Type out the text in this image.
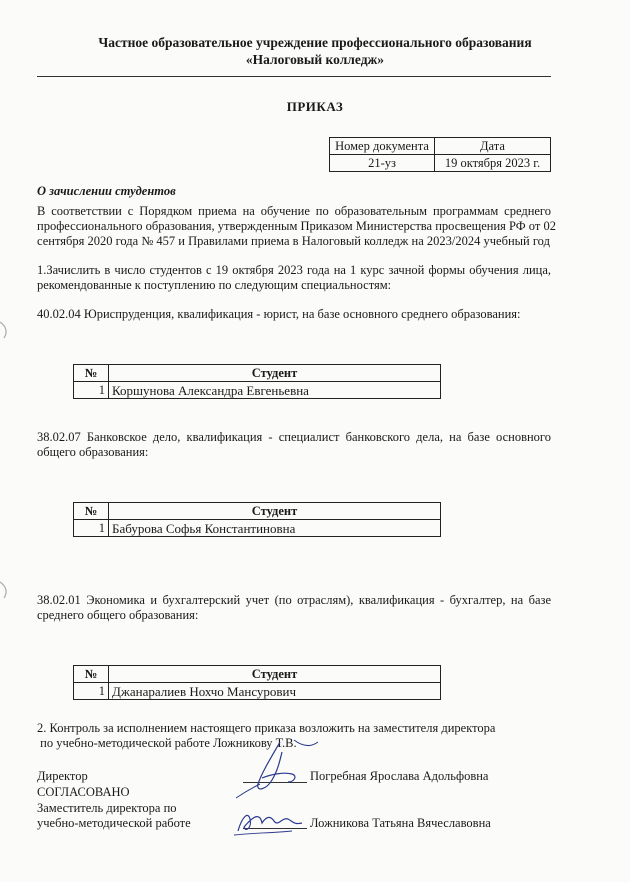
Частное образовательное учреждение профессионального образования
«Налоговый колледж»
ПРИКАЗ
Номер документа	Дата
21-уз	19 октября 2023 г.
О зачислении студентов
В соответствии с Порядком приема на обучение по образовательным программам среднего
профессионального образования, утвержденным Приказом Министерства просвещения РФ от 02
сентября 2020 года № 457 и Правилами приема в Налоговый колледж на 2023/2024 учебный год
1.Зачислить в число студентов с 19 октября 2023 года на 1 курс зачной формы обучения лица,
рекомендованные к поступлению по следующим специальностям:
40.02.04 Юриспруденция, квалификация - юрист, на базе основного среднего образования:
№	Студент
1	Коршунова Александра Евгеньевна
38.02.07 Банковское дело, квалификация - специалист банковского дела, на базе основного
общего образования:
№	Студент
1	Бабурова Софья Константиновна
38.02.01 Экономика и бухгалтерский учет (по отраслям), квалификация - бухгалтер, на базе
среднего общего образования:
№	Студент
1	Джанаралиев Нохчо Мансурович
2. Контроль за исполнением настоящего приказа возложить на заместителя директора
по учебно-методической работе Ложникову Т.В.
Директор
СОГЛАСОВАНО
Заместитель директора по
учебно-методической работе
Погребная Ярослава Адольфовна
Ложникова Татьяна Вячеславовна
